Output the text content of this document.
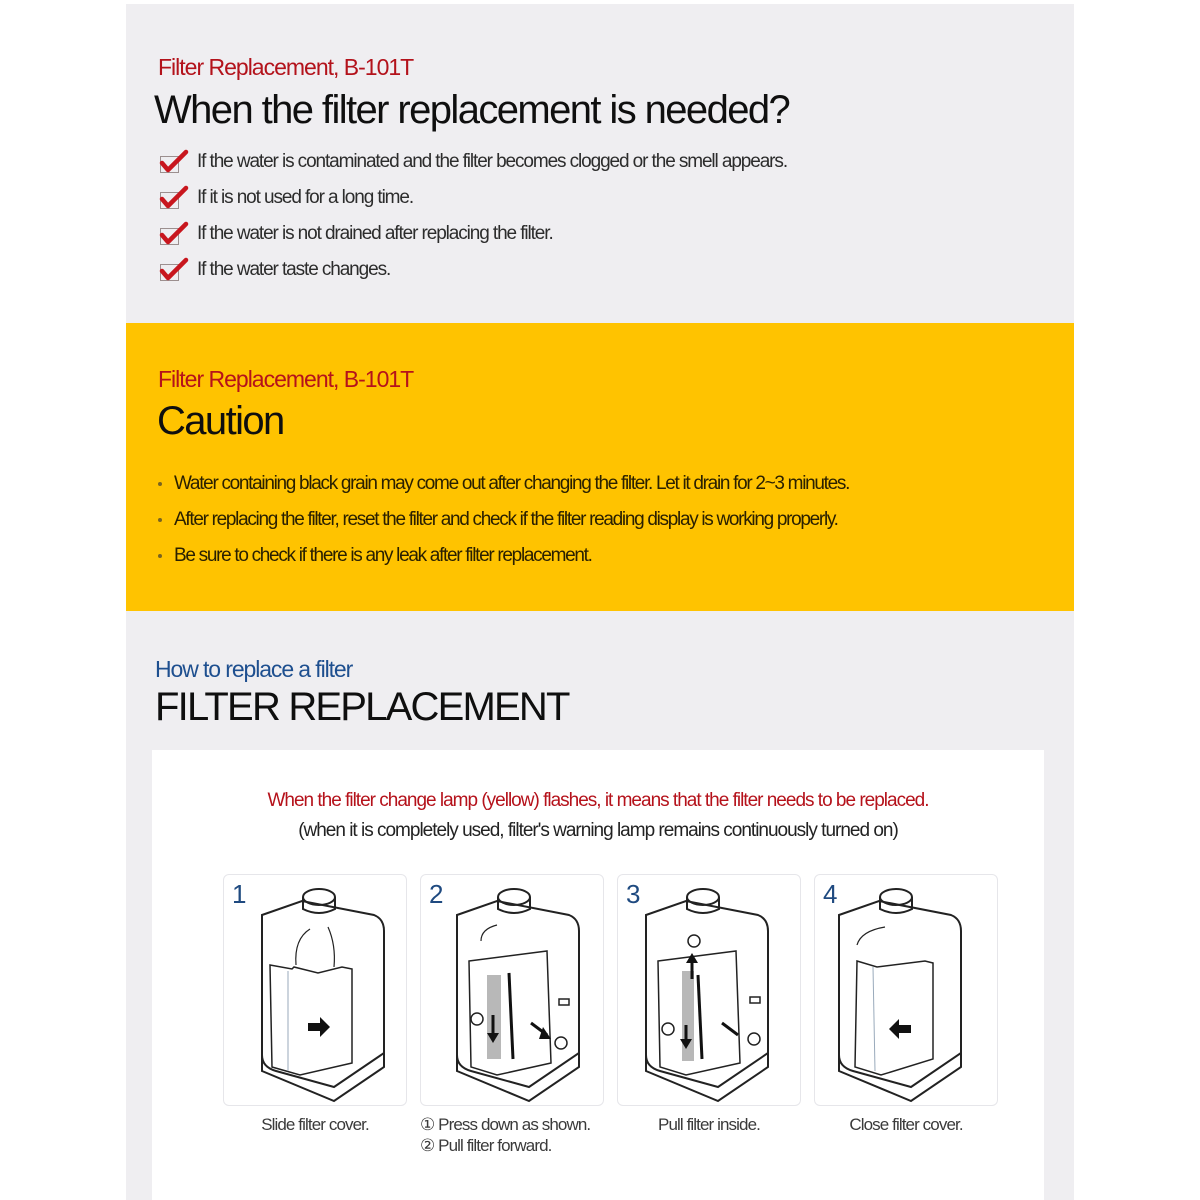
Filter Replacement, B-101T
When the filter replacement is needed?
If the water is contaminated and the filter becomes clogged or the smell appears.
If it is not used for a long time.
If the water is not drained after replacing the filter.
If the water taste changes.
Filter Replacement, B-101T
Caution
Water containing black grain may come out after changing the filter. Let it drain for 2~3 minutes.
After replacing the filter, reset the filter and check if the filter reading display is working properly.
Be sure to check if there is any leak after filter replacement.
How to replace a filter
FILTER REPLACEMENT

When the filter change lamp (yellow) flashes, it means that the filter needs to be replaced.

(when it is completely used, filter's warning lamp remains continuously turned on)

1
Slide filter cover.
2
① Press down as shown.
② Pull filter forward.
3
Pull filter inside.
4
Close filter cover.
